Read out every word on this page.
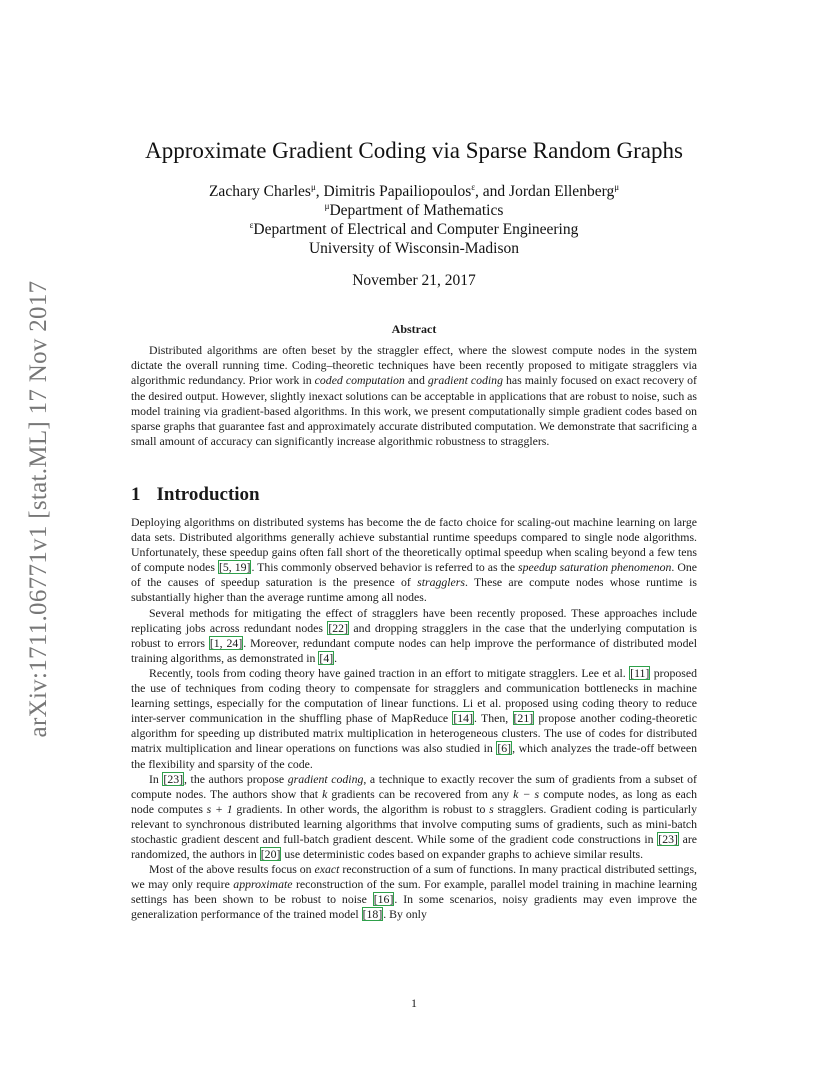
arXiv:1711.06771v1 [stat.ML] 17 Nov 2017
Approximate Gradient Coding via Sparse Random Graphs
Zachary Charles$^\mu$, Dimitris Papailiopoulos$^\varepsilon$, and Jordan Ellenberg$^\mu$
$^\mu$Department of Mathematics
$^\varepsilon$Department of Electrical and Computer Engineering
University of Wisconsin-Madison
November 21, 2017
Abstract

Distributed algorithms are often beset by the straggler effect, where the slowest compute nodes in the system dictate the overall running time. Coding–theoretic techniques have been recently proposed to mitigate stragglers via algorithmic redundancy. Prior work in coded computation and gradient coding has mainly focused on exact recovery of the desired output. However, slightly inexact solutions can be acceptable in applications that are robust to noise, such as model training via gradient-based algorithms. In this work, we present computationally simple gradient codes based on sparse graphs that guarantee fast and approximately accurate distributed computation. We demonstrate that sacrificing a small amount of accuracy can significantly increase algorithmic robustness to stragglers.

1 Introduction

Deploying algorithms on distributed systems has become the de facto choice for scaling-out machine learning on large data sets. Distributed algorithms generally achieve substantial runtime speedups compared to single node algorithms. Unfortunately, these speedup gains often fall short of the theoretically optimal speedup when scaling beyond a few tens of compute nodes [5, 19]. This commonly observed behavior is referred to as the speedup saturation phenomenon. One of the causes of speedup saturation is the presence of stragglers. These are compute nodes whose runtime is substantially higher than the average runtime among all nodes.

Several methods for mitigating the effect of stragglers have been recently proposed. These approaches include replicating jobs across redundant nodes [22] and dropping stragglers in the case that the underlying computation is robust to errors [1, 24]. Moreover, redundant compute nodes can help improve the performance of distributed model training algorithms, as demonstrated in [4].

Recently, tools from coding theory have gained traction in an effort to mitigate stragglers. Lee et al. [11] proposed the use of techniques from coding theory to compensate for stragglers and communication bottlenecks in machine learning settings, especially for the computation of linear functions. Li et al. proposed using coding theory to reduce inter-server communication in the shuffling phase of MapReduce [14]. Then, [21] propose another coding-theoretic algorithm for speeding up distributed matrix multiplication in heterogeneous clusters. The use of codes for distributed matrix multiplication and linear operations on functions was also studied in [6], which analyzes the trade-off between the flexibility and sparsity of the code.

In [23], the authors propose gradient coding, a technique to exactly recover the sum of gradients from a subset of compute nodes. The authors show that k gradients can be recovered from any k − s compute nodes, as long as each node computes s + 1 gradients. In other words, the algorithm is robust to s stragglers. Gradient coding is particularly relevant to synchronous distributed learning algorithms that involve computing sums of gradients, such as mini-batch stochastic gradient descent and full-batch gradient descent. While some of the gradient code constructions in [23] are randomized, the authors in [20] use deterministic codes based on expander graphs to achieve similar results.

Most of the above results focus on exact reconstruction of a sum of functions. In many practical distributed settings, we may only require approximate reconstruction of the sum. For example, parallel model training in machine learning settings has been shown to be robust to noise [16]. In some scenarios, noisy gradients may even improve the generalization performance of the trained model [18]. By only

1
